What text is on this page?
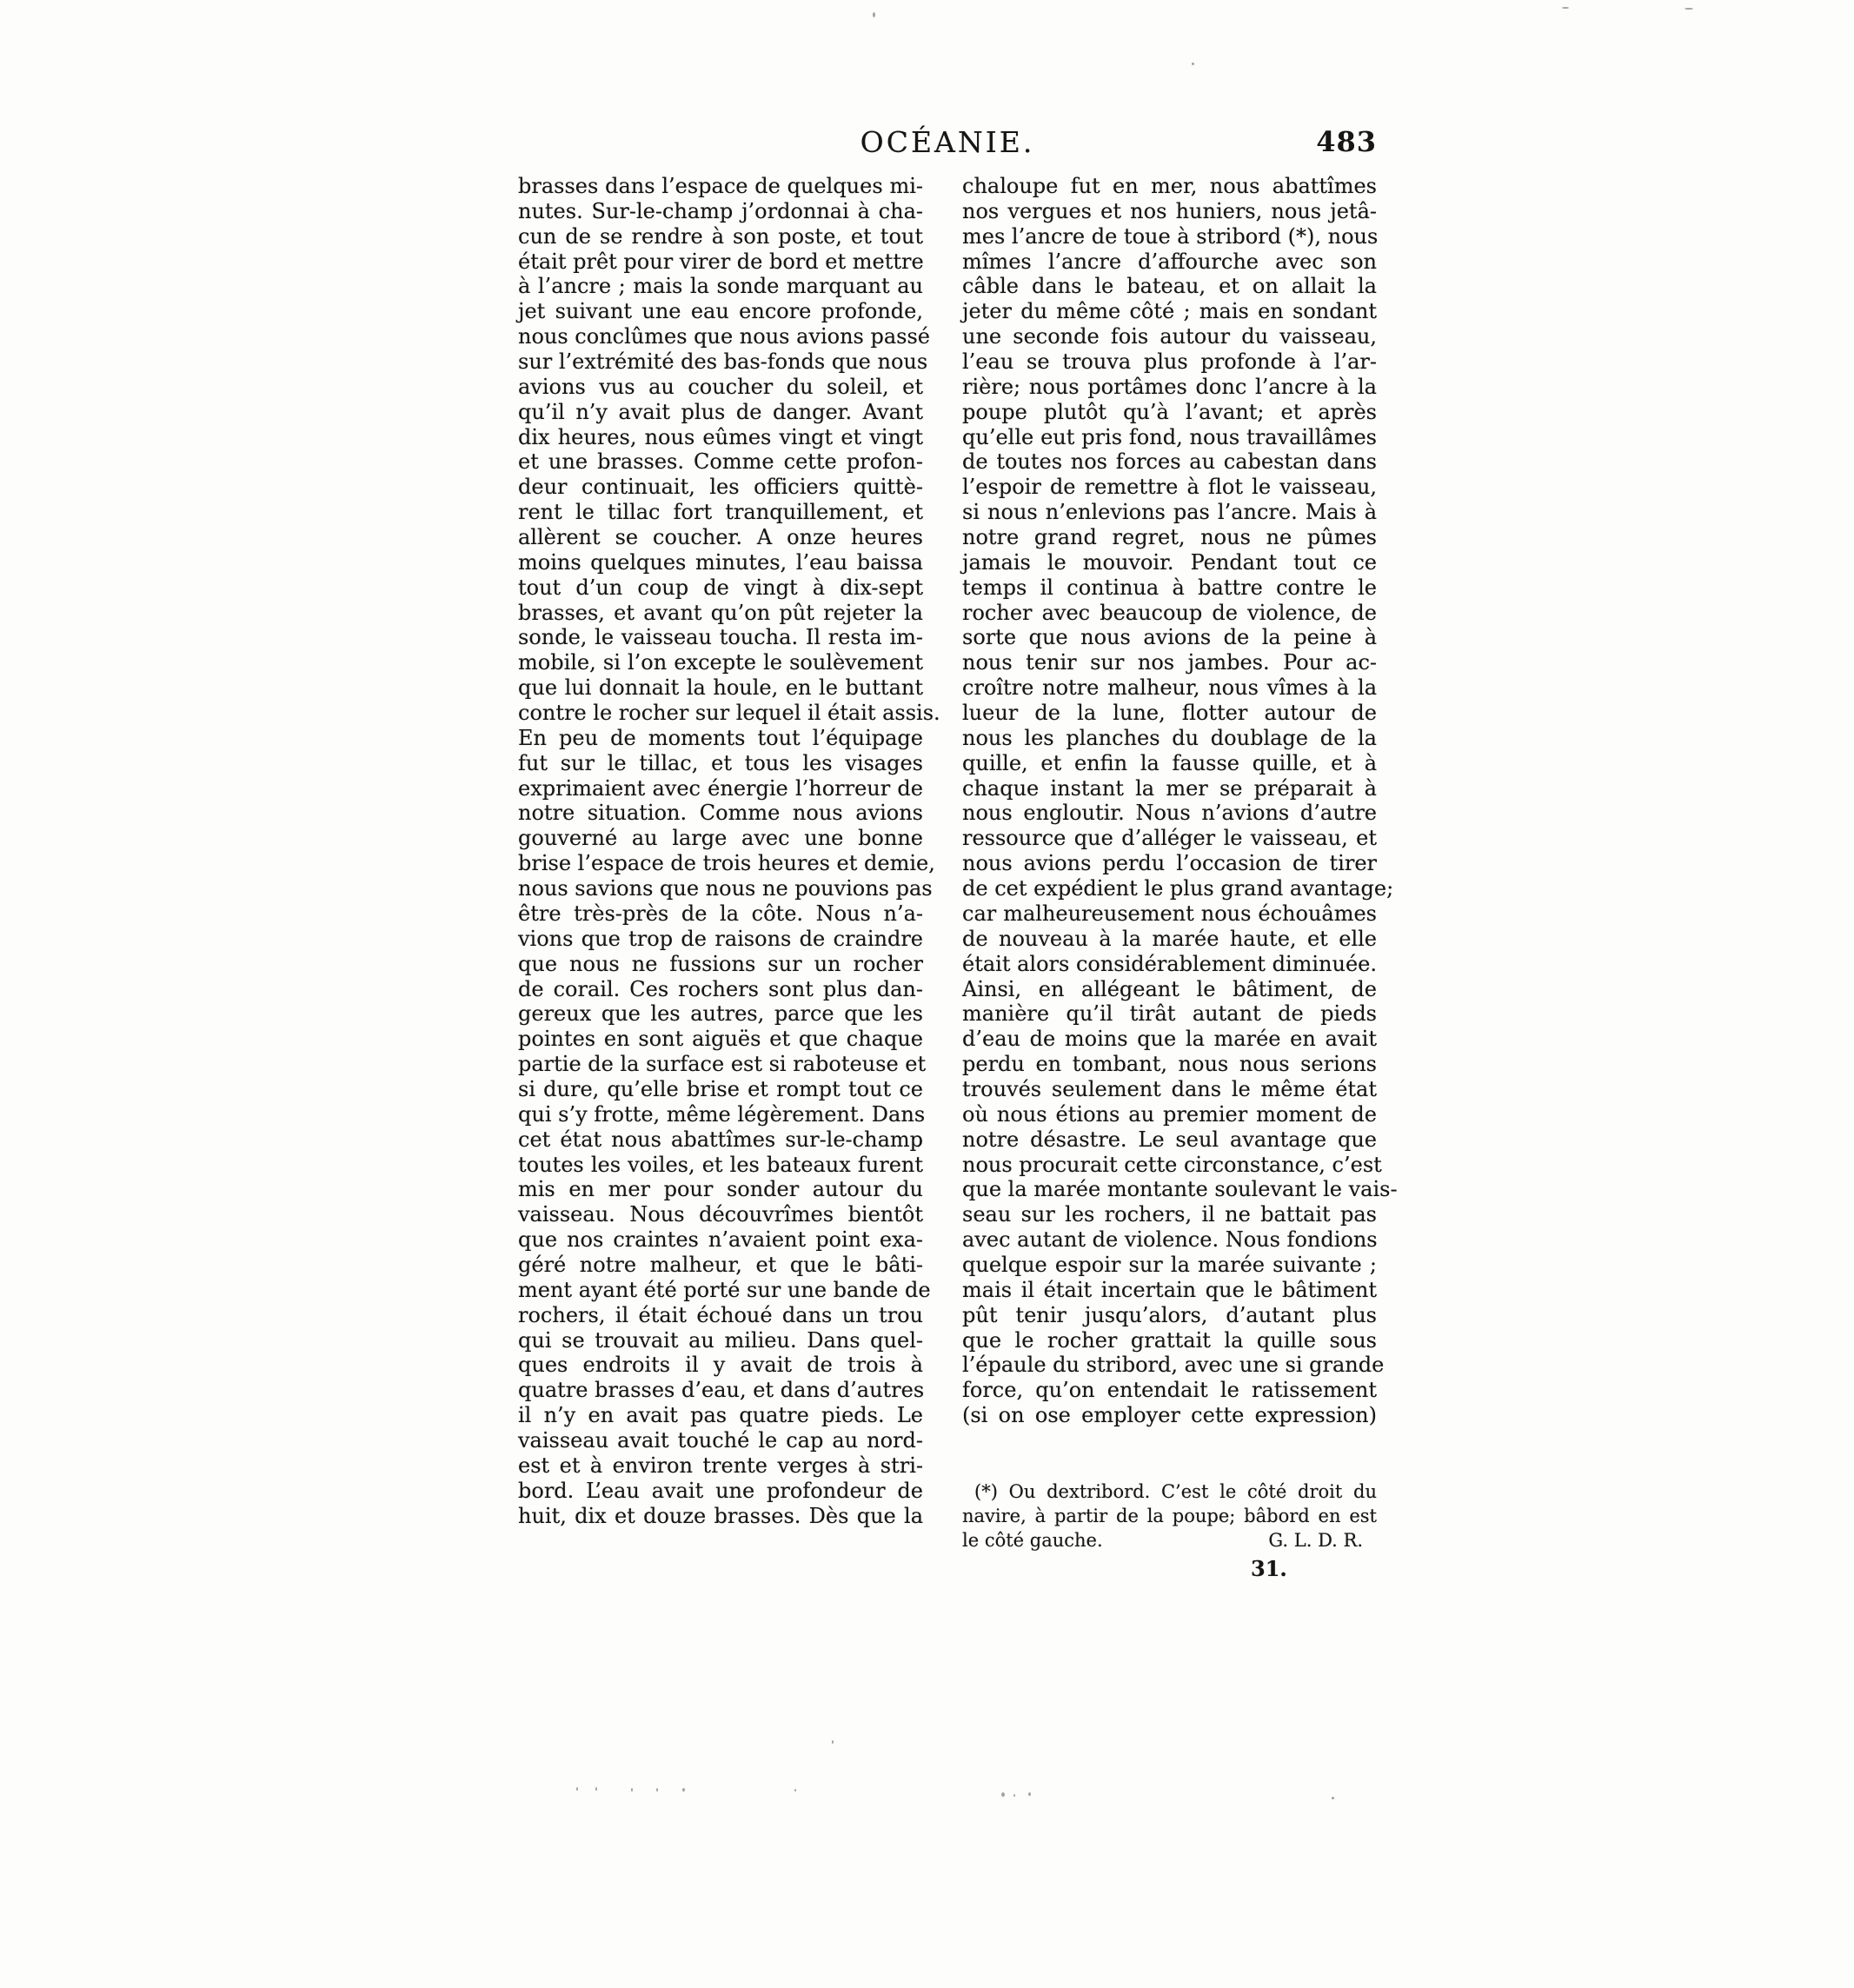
OCÉANIE.	483
brasses dans l’espace de quelques mi-
nutes. Sur-le-champ j’ordonnai à cha-
cun de se rendre à son poste, et tout
était prêt pour virer de bord et mettre
à l’ancre ; mais la sonde marquant au
jet suivant une eau encore profonde,
nous conclûmes que nous avions passé
sur l’extrémité des bas-fonds que nous
avions vus au coucher du soleil, et
qu’il n’y avait plus de danger. Avant
dix heures, nous eûmes vingt et vingt
et une brasses. Comme cette profon-
deur continuait, les officiers quittè-
rent le tillac fort tranquillement, et
allèrent se coucher. A onze heures
moins quelques minutes, l’eau baissa
tout d’un coup de vingt à dix-sept
brasses, et avant qu’on pût rejeter la
sonde, le vaisseau toucha. Il resta im-
mobile, si l’on excepte le soulèvement
que lui donnait la houle, en le buttant
contre le rocher sur lequel il était assis.
En peu de moments tout l’équipage
fut sur le tillac, et tous les visages
exprimaient avec énergie l’horreur de
notre situation. Comme nous avions
gouverné au large avec une bonne
brise l’espace de trois heures et demie,
nous savions que nous ne pouvions pas
être très-près de la côte. Nous n’a-
vions que trop de raisons de craindre
que nous ne fussions sur un rocher
de corail. Ces rochers sont plus dan-
gereux que les autres, parce que les
pointes en sont aiguës et que chaque
partie de la surface est si raboteuse et
si dure, qu’elle brise et rompt tout ce
qui s’y frotte, même légèrement. Dans
cet état nous abattîmes sur-le-champ
toutes les voiles, et les bateaux furent
mis en mer pour sonder autour du
vaisseau. Nous découvrîmes bientôt
que nos craintes n’avaient point exa-
géré notre malheur, et que le bâti-
ment ayant été porté sur une bande de
rochers, il était échoué dans un trou
qui se trouvait au milieu. Dans quel-
ques endroits il y avait de trois à
quatre brasses d’eau, et dans d’autres
il n’y en avait pas quatre pieds. Le
vaisseau avait touché le cap au nord-
est et à environ trente verges à stri-
bord. L’eau avait une profondeur de
huit, dix et douze brasses. Dès que la
chaloupe fut en mer, nous abattîmes
nos vergues et nos huniers, nous jetâ-
mes l’ancre de toue à stribord (*), nous
mîmes l’ancre d’affourche avec son
câble dans le bateau, et on allait la
jeter du même côté ; mais en sondant
une seconde fois autour du vaisseau,
l’eau se trouva plus profonde à l’ar-
rière; nous portâmes donc l’ancre à la
poupe plutôt qu’à l’avant; et après
qu’elle eut pris fond, nous travaillâmes
de toutes nos forces au cabestan dans
l’espoir de remettre à flot le vaisseau,
si nous n’enlevions pas l’ancre. Mais à
notre grand regret, nous ne pûmes
jamais le mouvoir. Pendant tout ce
temps il continua à battre contre le
rocher avec beaucoup de violence, de
sorte que nous avions de la peine à
nous tenir sur nos jambes. Pour ac-
croître notre malheur, nous vîmes à la
lueur de la lune, flotter autour de
nous les planches du doublage de la
quille, et enfin la fausse quille, et à
chaque instant la mer se préparait à
nous engloutir. Nous n’avions d’autre
ressource que d’alléger le vaisseau, et
nous avions perdu l’occasion de tirer
de cet expédient le plus grand avantage;
car malheureusement nous échouâmes
de nouveau à la marée haute, et elle
était alors considérablement diminuée.
Ainsi, en allégeant le bâtiment, de
manière qu’il tirât autant de pieds
d’eau de moins que la marée en avait
perdu en tombant, nous nous serions
trouvés seulement dans le même état
où nous étions au premier moment de
notre désastre. Le seul avantage que
nous procurait cette circonstance, c’est
que la marée montante soulevant le vais-
seau sur les rochers, il ne battait pas
avec autant de violence. Nous fondions
quelque espoir sur la marée suivante ;
mais il était incertain que le bâtiment
pût tenir jusqu’alors, d’autant plus
que le rocher grattait la quille sous
l’épaule du stribord, avec une si grande
force, qu’on entendait le ratissement
(si on ose employer cette expression)
(*) Ou dextribord. C’est le côté droit du
navire, à partir de la poupe; bâbord en est
le côté gauche.	G. L. D. R.
31.
